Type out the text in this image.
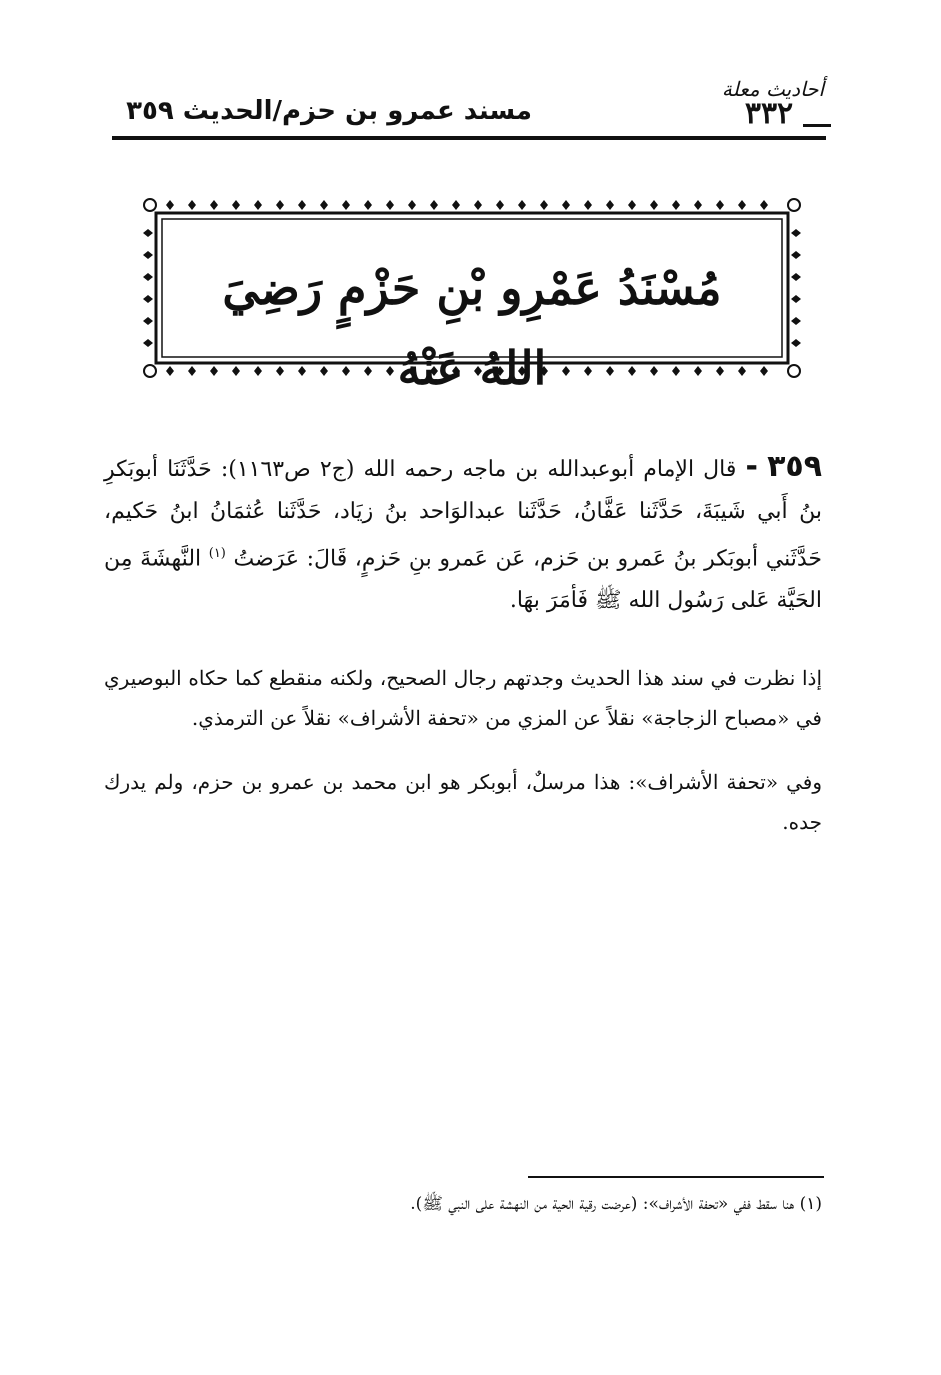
أحاديث معلة
٣٣٢
مسند عمرو بن حزم/الحديث ٣٥٩
مُسْنَدُ عَمْرِو بْنِ حَزْمٍ رَضِيَ اللهُ عَنْهُ
٣٥٩ - قال الإمام أبوعبدالله بن ماجه رحمه الله (ج٢ ص١١٦٣): حَدَّثَنَا أبوبَكرِ بنُ أَبي شَيبَةَ، حَدَّثَنا عَفَّانُ، حَدَّثَنا عبدالوَاحد بنُ زيَاد، حَدَّثَنا عُثمَانُ ابنُ حَكيم، حَدَّثَني أبوبَكر بنُ عَمرو بن حَزم، عَن عَمرو بنِ حَزمٍ، قَالَ: عَرَضتُ $^{(١)}$ النَّهشَةَ مِن الحَيَّة عَلى رَسُول الله ﷺ فَأمَرَ بهَا.
إذا نظرت في سند هذا الحديث وجدتهم رجال الصحيح، ولكنه منقطع كما حكاه البوصيري في «مصباح الزجاجة» نقلاً عن المزي من «تحفة الأشراف» نقلاً عن الترمذي.
وفي «تحفة الأشراف»: هذا مرسلٌ، أبوبكر هو ابن محمد بن عمرو بن حزم، ولم يدرك جده.
(١) هنا سقط ففي «تحفة الأشراف»: (عرضت رقية الحية من النهشة على النبي ﷺ).
